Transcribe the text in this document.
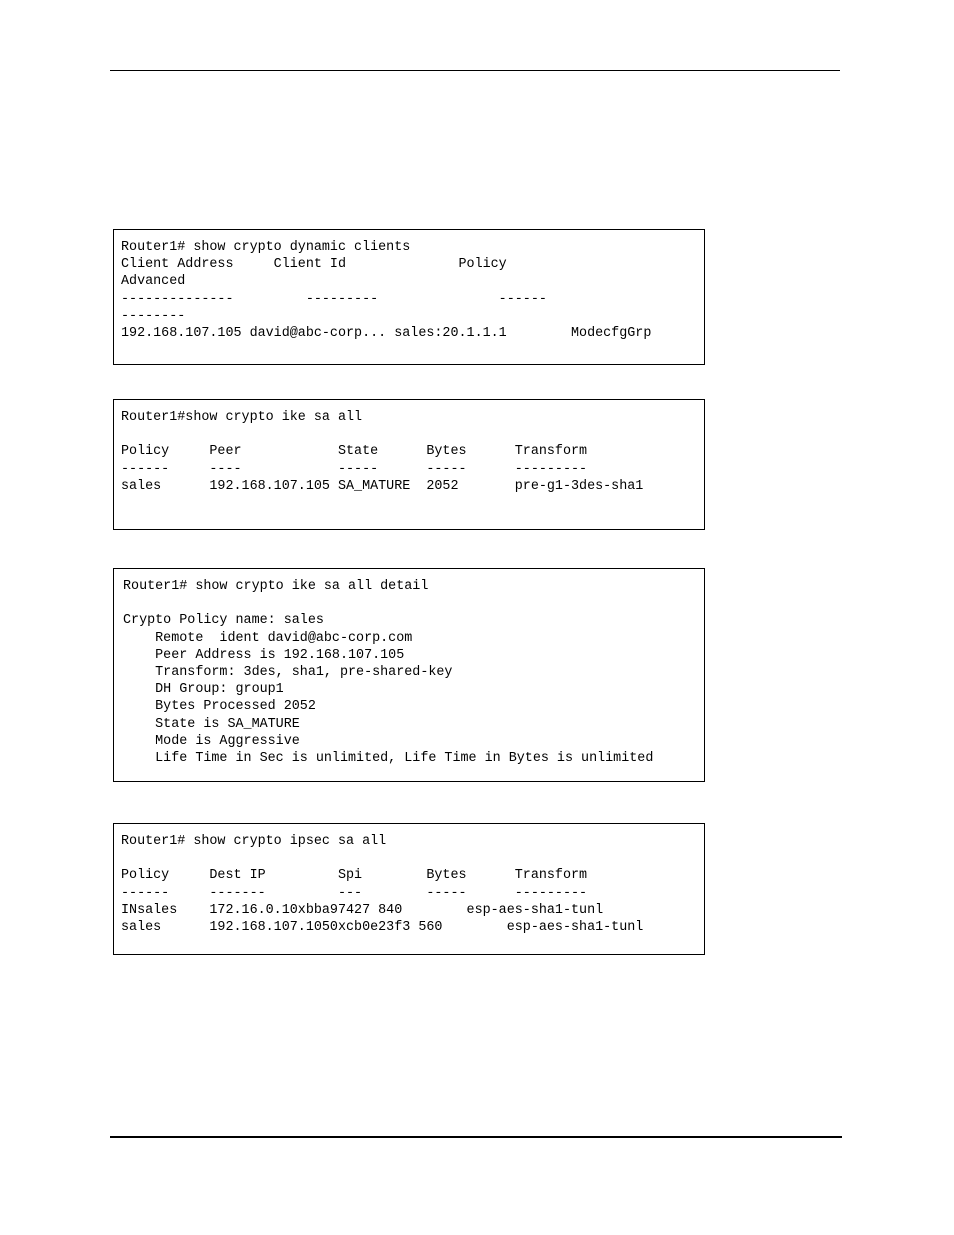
Router1# show crypto dynamic clients
Client Address     Client Id              Policy
Advanced
--------------         ---------               ------
--------
192.168.107.105 david@abc-corp... sales:20.1.1.1        ModecfgGrp
Router1#show crypto ike sa all

Policy     Peer            State      Bytes      Transform
------     ----            -----      -----      ---------
sales      192.168.107.105 SA_MATURE  2052       pre-g1-3des-sha1
Router1# show crypto ike sa all detail

Crypto Policy name: sales
Remote  ident david@abc-corp.com
Peer Address is 192.168.107.105
Transform: 3des, sha1, pre-shared-key
DH Group: group1
Bytes Processed 2052
State is SA_MATURE
Mode is Aggressive
Life Time in Sec is unlimited, Life Time in Bytes is unlimited
Router1# show crypto ipsec sa all

Policy     Dest IP         Spi        Bytes      Transform
------     -------         ---        -----      ---------
INsales    172.16.0.10xbba97427 840        esp-aes-sha1-tunl
sales      192.168.107.1050xcb0e23f3 560        esp-aes-sha1-tunl
